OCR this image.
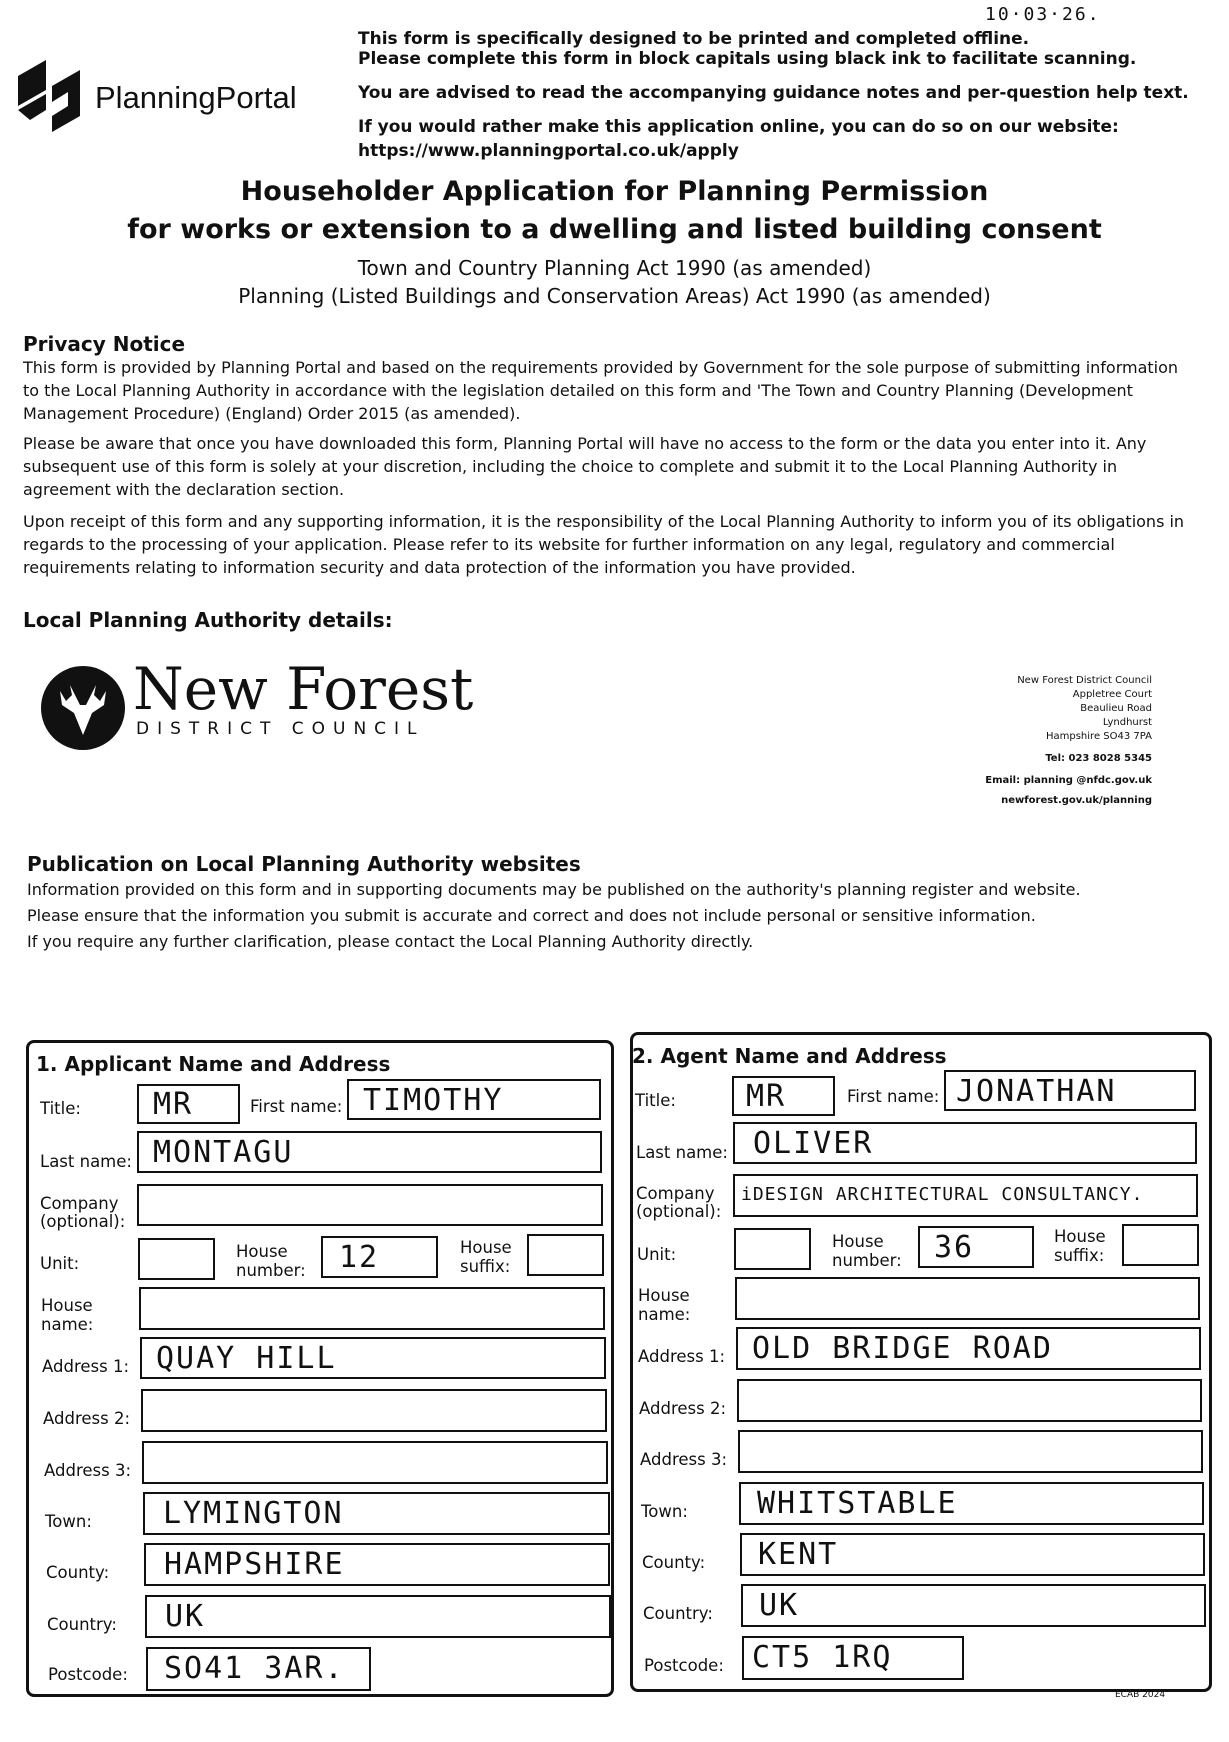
10·03·26.
PlanningPortal
This form is specifically designed to be printed and completed offline.
Please complete this form in block capitals using black ink to facilitate scanning.
You are advised to read the accompanying guidance notes and per-question help text.
If you would rather make this application online, you can do so on our website:
https://www.planningportal.co.uk/apply
Householder Application for Planning Permission
for works or extension to a dwelling and listed building consent
Town and Country Planning Act 1990 (as amended)
Planning (Listed Buildings and Conservation Areas) Act 1990 (as amended)
Privacy Notice
This form is provided by Planning Portal and based on the requirements provided by Government for the sole purpose of submitting information to the Local Planning Authority in accordance with the legislation detailed on this form and 'The Town and Country Planning (Development Management Procedure) (England) Order 2015 (as amended).
Please be aware that once you have downloaded this form, Planning Portal will have no access to the form or the data you enter into it. Any subsequent use of this form is solely at your discretion, including the choice to complete and submit it to the Local Planning Authority in agreement with the declaration section.
Upon receipt of this form and any supporting information, it is the responsibility of the Local Planning Authority to inform you of its obligations in regards to the processing of your application. Please refer to its website for further information on any legal, regulatory and commercial requirements relating to information security and data protection of the information you have provided.
Local Planning Authority details:
New Forest
DISTRICT COUNCIL
New Forest District Council
Appletree Court
Beaulieu Road
Lyndhurst
Hampshire SO43 7PA
Tel: 023 8028 5345
Email: planning @nfdc.gov.uk
newforest.gov.uk/planning
Publication on Local Planning Authority websites
Information provided on this form and in supporting documents may be published on the authority's planning register and website.
Please ensure that the information you submit is accurate and correct and does not include personal or sensitive information.
If you require any further clarification, please contact the Local Planning Authority directly.
1. Applicant Name and Address
Title: MR	First name: TIMOTHY
Last name: MONTAGU
Company
(optional):
Unit:
House
number: 12	House
suffix:
House
name:
Address 1: QUAY HILL
Address 2:
Address 3:
Town: LYMINGTON
County: HAMPSHIRE
Country: UK
Postcode: SO41 3AR.
2. Agent Name and Address
Title: MR	First name: JONATHAN
Last name: OLIVER
Company
(optional):
iDESIGN ARCHITECTURAL CONSULTANCY.
Unit:
House
number: 36	House
suffix:
House
name:
Address 1: OLD BRIDGE ROAD
Address 2:
Address 3:
Town: WHITSTABLE
County: KENT
Country: UK
Postcode: CT5 1RQ
ECAB 2024
